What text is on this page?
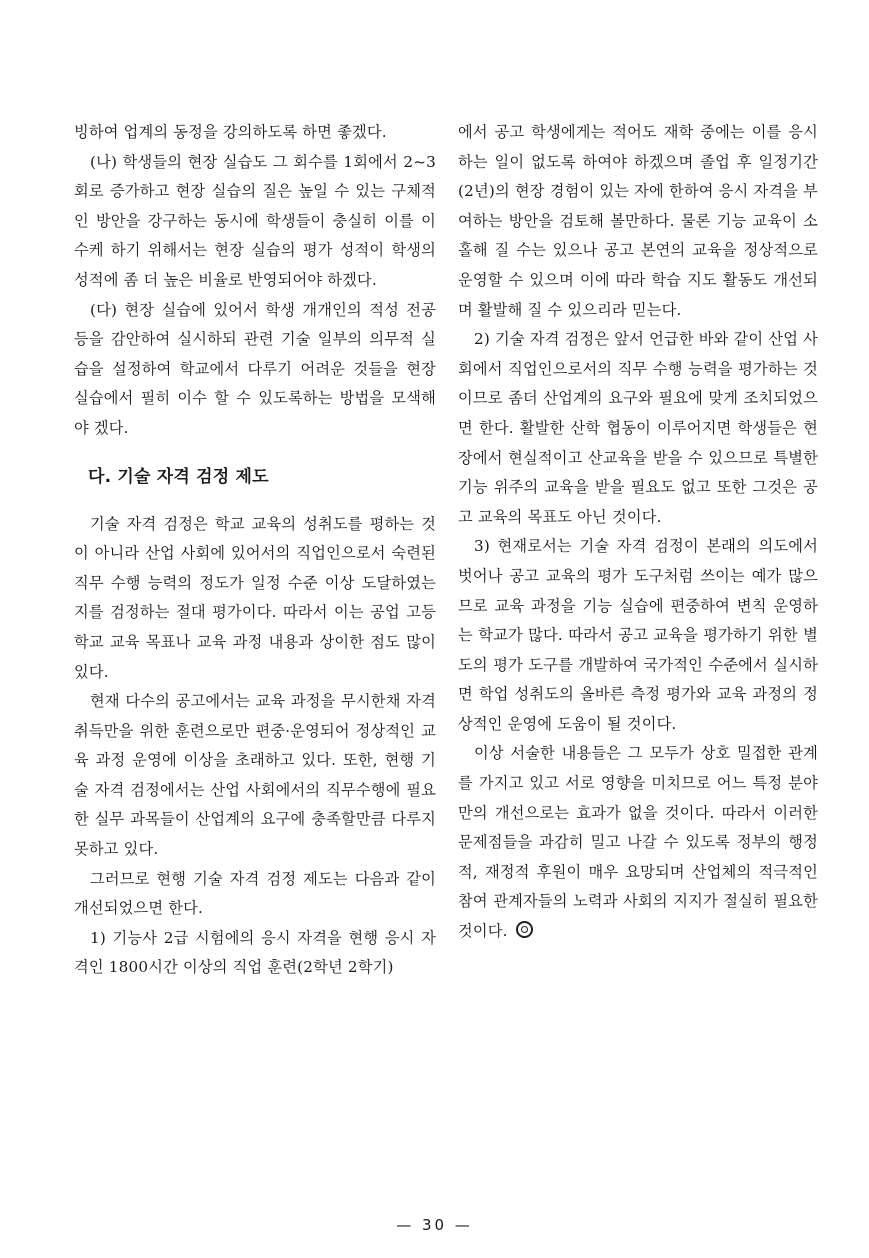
빙하여 업계의 동정을 강의하도록 하면 좋겠다.

(나) 학생들의 현장 실습도 그 회수를 1회에서 2~3회로 증가하고 현장 실습의 질은 높일 수 있는 구체적인 방안을 강구하는 동시에 학생들이 충실히 이를 이수케 하기 위해서는 현장 실습의 평가 성적이 학생의 성적에 좀 더 높은 비율로 반영되어야 하겠다.

(다) 현장 실습에 있어서 학생 개개인의 적성 전공 등을 감안하여 실시하되 관련 기술 일부의 의무적 실습을 설정하여 학교에서 다루기 어려운 것들을 현장 실습에서 필히 이수 할 수 있도록하는 방법을 모색해야 겠다.

다. 기술 자격 검정 제도

기술 자격 검정은 학교 교육의 성취도를 평하는 것이 아니라 산업 사회에 있어서의 직업인으로서 숙련된 직무 수행 능력의 정도가 일정 수준 이상 도달하였는지를 검정하는 절대 평가이다. 따라서 이는 공업 고등학교 교육 목표나 교육 과정 내용과 상이한 점도 많이 있다.

현재 다수의 공고에서는 교육 과정을 무시한채 자격 취득만을 위한 훈련으로만 편중·운영되어 정상적인 교육 과정 운영에 이상을 초래하고 있다. 또한, 현행 기술 자격 검정에서는 산업 사회에서의 직무수행에 필요한 실무 과목들이 산업계의 요구에 충족할만큼 다루지 못하고 있다.

그러므로 현행 기술 자격 검정 제도는 다음과 같이 개선되었으면 한다.

1) 기능사 2급 시험에의 응시 자격을 현행 응시 자격인 1800시간 이상의 직업 훈련(2학년 2학기)

에서 공고 학생에게는 적어도 재학 중에는 이를 응시하는 일이 없도록 하여야 하겠으며 졸업 후 일정기간(2년)의 현장 경험이 있는 자에 한하여 응시 자격을 부여하는 방안을 검토해 볼만하다. 물론 기능 교육이 소홀해 질 수는 있으나 공고 본연의 교육을 정상적으로 운영할 수 있으며 이에 따라 학습 지도 활동도 개선되며 활발해 질 수 있으리라 믿는다.

2) 기술 자격 검정은 앞서 언급한 바와 같이 산업 사회에서 직업인으로서의 직무 수행 능력을 평가하는 것이므로 좀더 산업계의 요구와 필요에 맞게 조치되었으면 한다. 활발한 산학 협동이 이루어지면 학생들은 현장에서 현실적이고 산교육을 받을 수 있으므로 특별한 기능 위주의 교육을 받을 필요도 없고 또한 그것은 공고 교육의 목표도 아닌 것이다.

3) 현재로서는 기술 자격 검정이 본래의 의도에서 벗어나 공고 교육의 평가 도구처럼 쓰이는 예가 많으므로 교육 과정을 기능 실습에 편중하여 변칙 운영하는 학교가 많다. 따라서 공고 교육을 평가하기 위한 별도의 평가 도구를 개발하여 국가적인 수준에서 실시하면 학업 성취도의 올바른 측정 평가와 교육 과정의 정상적인 운영에 도움이 될 것이다.

이상 서술한 내용들은 그 모두가 상호 밀접한 관계를 가지고 있고 서로 영향을 미치므로 어느 특정 분야만의 개선으로는 효과가 없을 것이다. 따라서 이러한 문제점들을 과감히 밀고 나갈 수 있도록 정부의 행정적, 재정적 후원이 매우 요망되며 산업체의 적극적인 참여 관계자들의 노력과 사회의 지지가 절실히 필요한 것이다.

— 30 —
